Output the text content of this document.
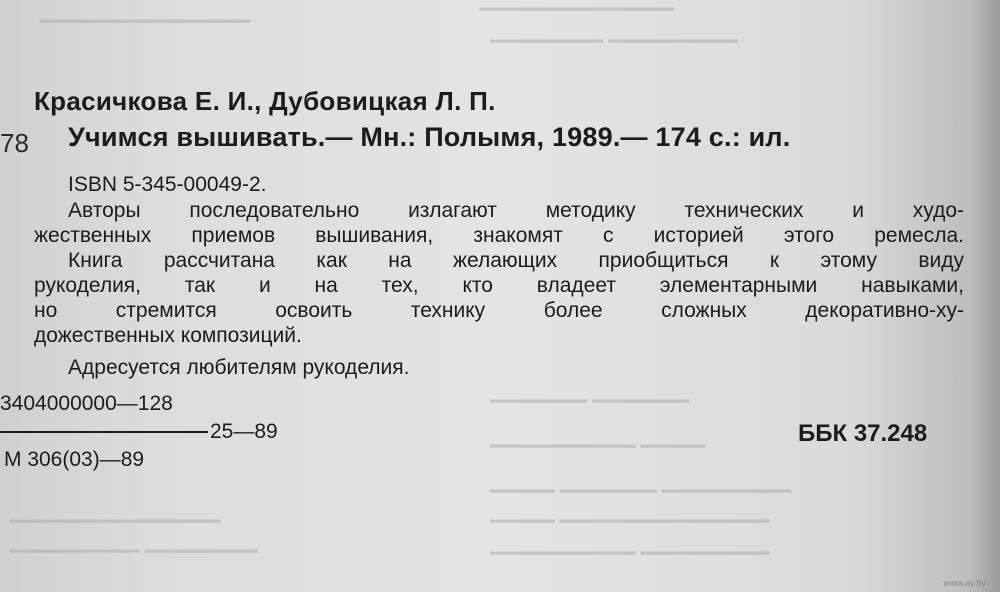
▔▔▔▔▔▔▔▔▔▔▔▔
▔▔▔▔▔▔▔▔ ▔▔▔▔▔▔▔
▔▔▔▔▔▔▔▔▔▔▔▔▔
▔▔▔▔▔▔ ▔▔▔▔▔▔
▔▔▔▔ ▔▔▔▔▔▔▔▔▔
▔▔▔▔▔▔▔▔ ▔▔▔▔▔▔ ▔▔▔▔
▔▔▔▔▔▔▔▔▔▔▔▔▔ ▔▔▔▔
▔▔▔▔▔▔▔▔ ▔▔▔▔▔▔▔▔▔
▔▔▔▔▔▔▔▔▔▔▔▔▔
▔▔▔▔▔▔▔ ▔▔▔▔▔▔▔▔
Красичкова Е. И., Дубовицкая Л. П.
78 Учимся вышивать.— Мн.: Полымя, 1989.— 174 с.: ил.
ISBN 5-345-00049-2.
Авторы последовательно излагают методику технических и худо-
жественных приемов вышивания, знакомят с историей этого ремесла.
Книга рассчитана как на желающих приобщиться к этому виду
рукоделия, так и на тех, кто владеет элементарными навыками,
но стремится освоить технику более сложных декоративно-ху-
дожественных композиций.
Адресуется любителям рукоделия.
3404000000—128
25—89
М 306(03)—89
ББК 37.248
www.ay.by
